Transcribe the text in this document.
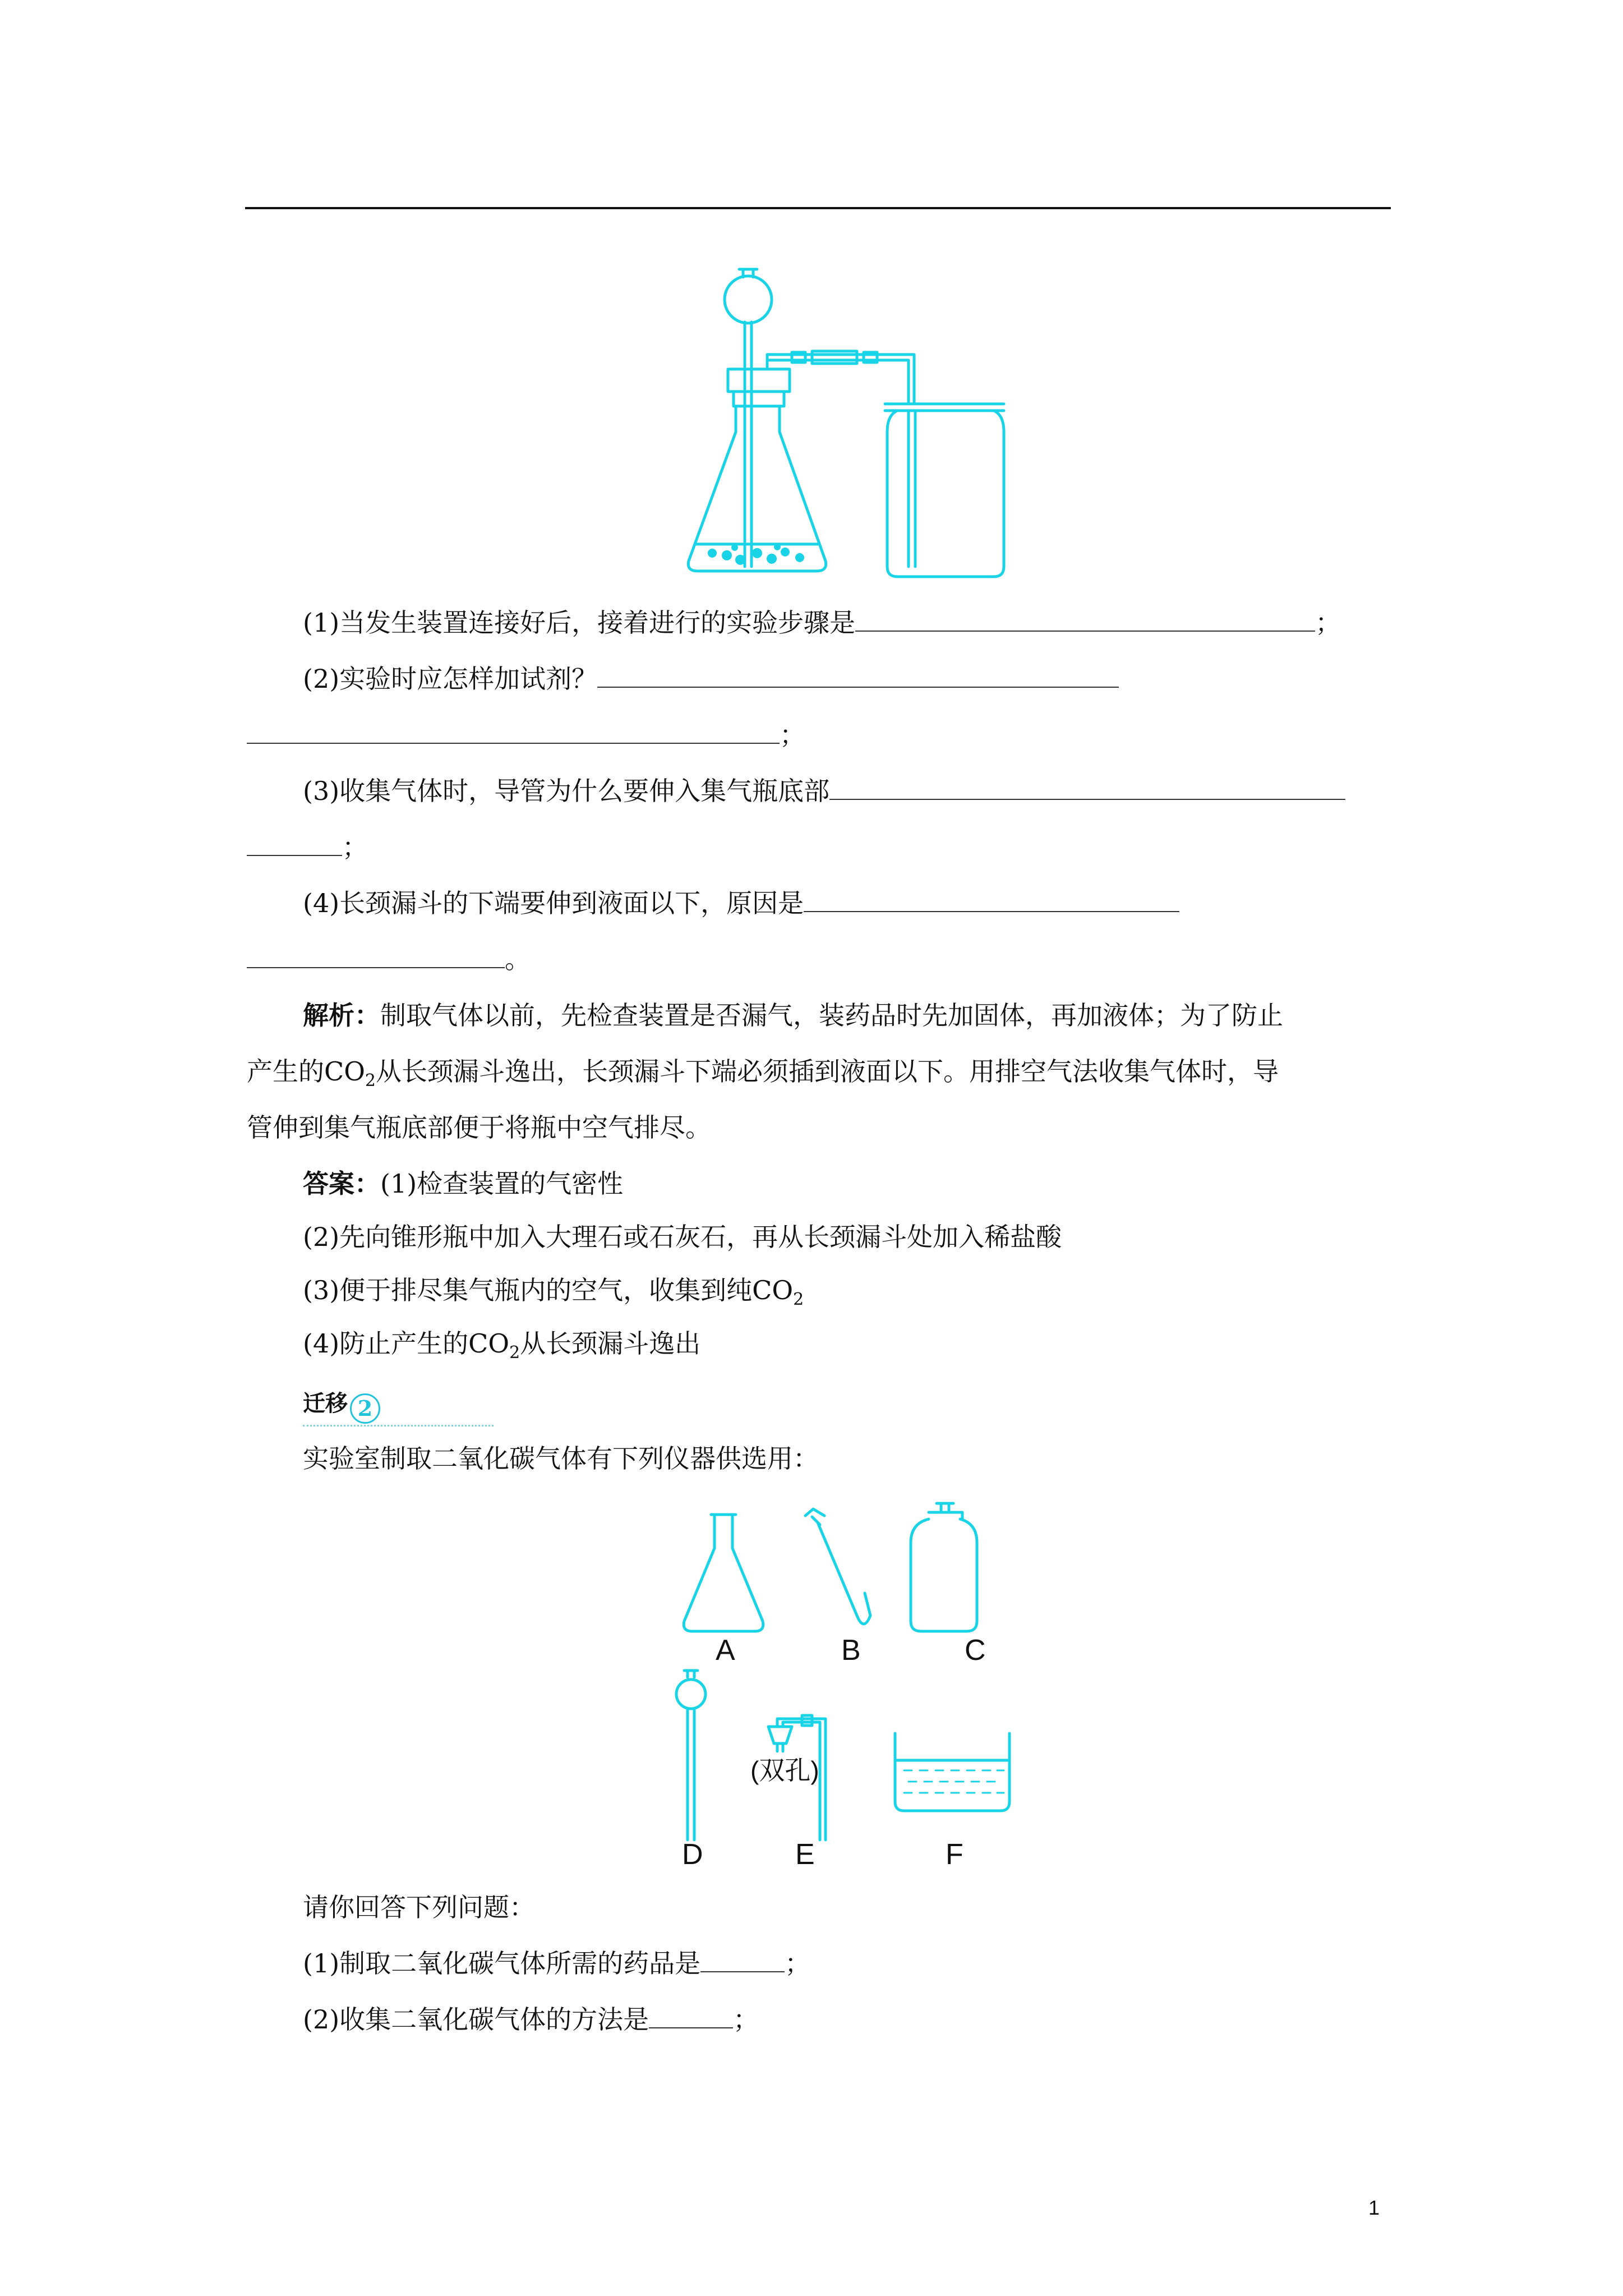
(1)当发生装置连接好后，接着进行的实验步骤是	；
(2)实验时应怎样加试剂？
；
(3)收集气体时，导管为什么要伸入集气瓶底部
；
(4)长颈漏斗的下端要伸到液面以下，原因是
。
解析：制取气体以前，先检查装置是否漏气，装药品时先加固体，再加液体；为了防止
产生的$CO_2$从长颈漏斗逸出，长颈漏斗下端必须插到液面以下。用排空气法收集气体时，导
管伸到集气瓶底部便于将瓶中空气排尽。
答案：(1)检查装置的气密性
(2)先向锥形瓶中加入大理石或石灰石，再从长颈漏斗处加入稀盐酸
(3)便于排尽集气瓶内的空气，收集到纯$CO_2$
(4)防止产生的$CO_2$从长颈漏斗逸出
迁移 2
实验室制取二氧化碳气体有下列仪器供选用：
A	B	C
(双孔)
D	E	F
请你回答下列问题：
(1)制取二氧化碳气体所需的药品是	；
(2)收集二氧化碳气体的方法是	；
1
